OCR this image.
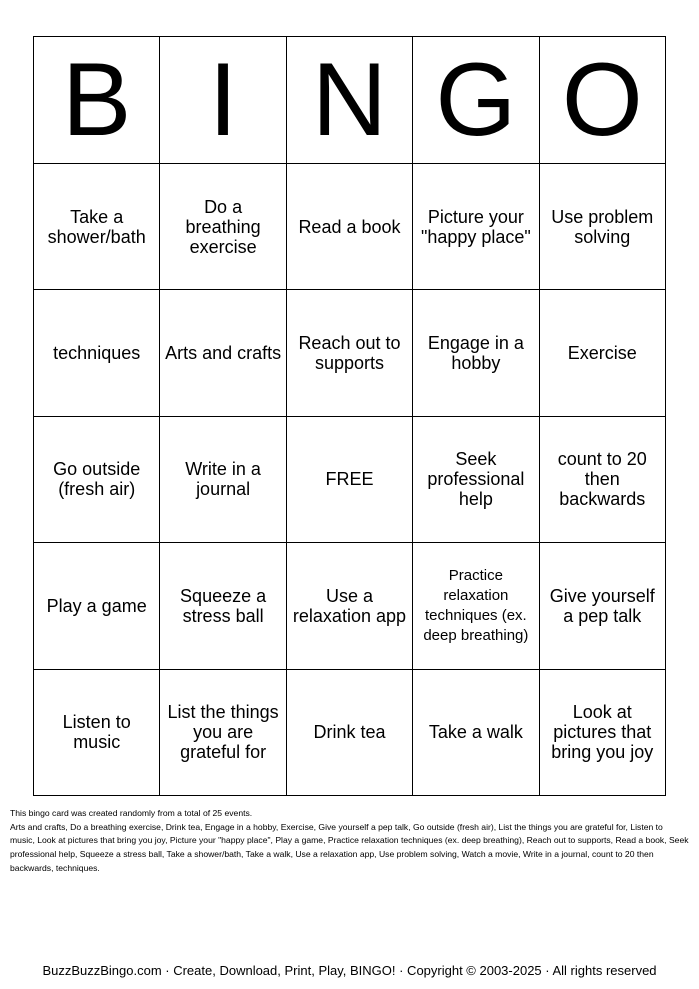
B	I	N	G	O
Take a shower/bath	Do a breathing exercise	Read a book	Picture your "happy place"	Use problem solving
techniques	Arts and crafts	Reach out to supports	Engage in a hobby	Exercise
Go outside (fresh air)	Write in a journal	FREE	Seek professional help	count to 20 then backwards
Play a game	Squeeze a stress ball	Use a relaxation app	Practice relaxation techniques (ex. deep breathing)	Give yourself a pep talk
Listen to music	List the things you are grateful for	Drink tea	Take a walk	Look at pictures that bring you joy

This bingo card was created randomly from a total of 25 events.

Arts and crafts, Do a breathing exercise, Drink tea, Engage in a hobby, Exercise, Give yourself a pep talk, Go outside (fresh air), List the things you are grateful for, Listen to music, Look at pictures that bring you joy, Picture your "happy place", Play a game, Practice relaxation techniques (ex. deep breathing), Reach out to supports, Read a book, Seek professional help, Squeeze a stress ball, Take a shower/bath, Take a walk, Use a relaxation app, Use problem solving, Watch a movie, Write in a journal, count to 20 then backwards, techniques.

BuzzBuzzBingo.com · Create, Download, Print, Play, BINGO! · Copyright © 2003-2025 · All rights reserved
